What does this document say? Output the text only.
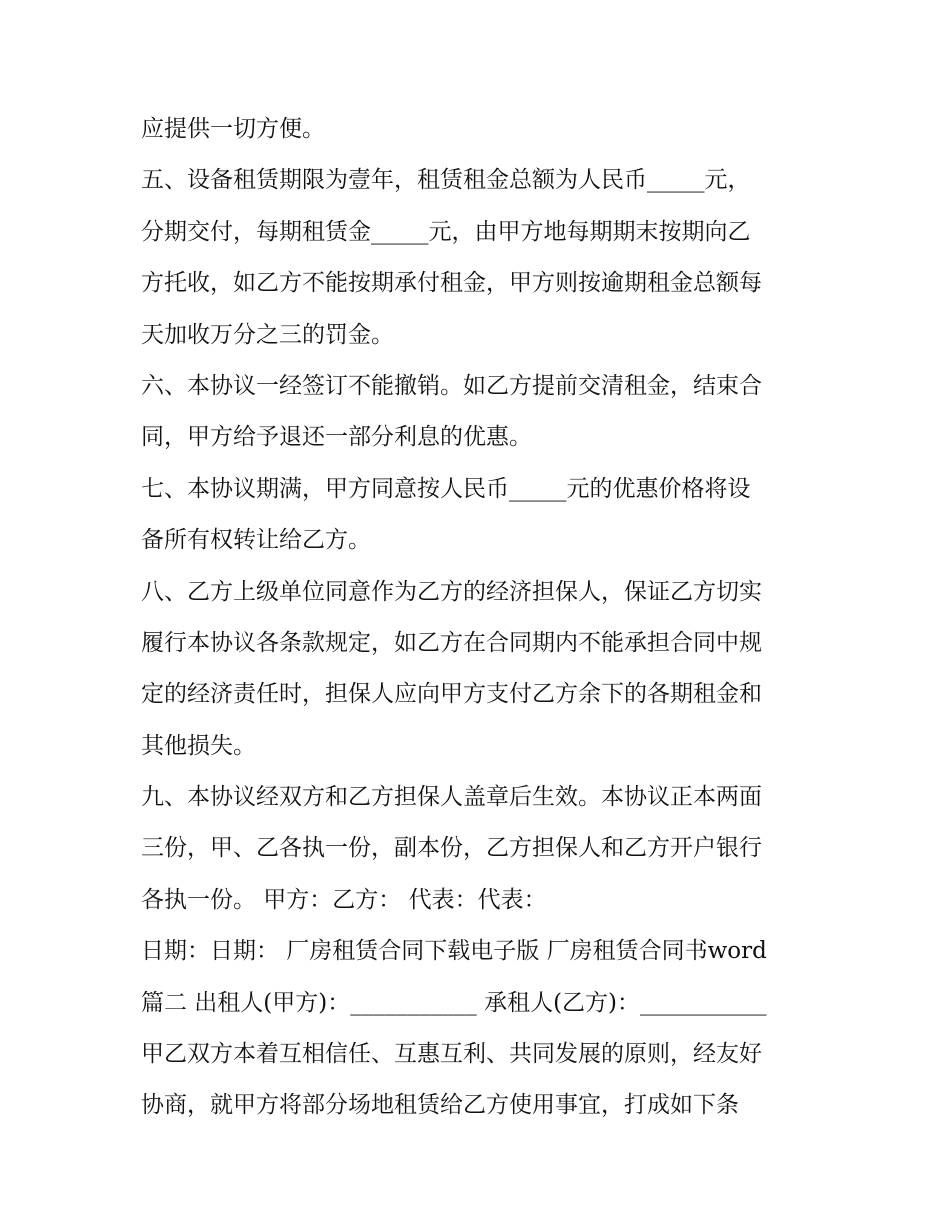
应提供一切方便。
五、设备租赁期限为壹年，租赁租金总额为人民币_____元，
分期交付，每期租赁金_____元，由甲方地每期期末按期向乙
方托收，如乙方不能按期承付租金，甲方则按逾期租金总额每
天加收万分之三的罚金。
六、本协议一经签订不能撤销。如乙方提前交清租金，结束合
同，甲方给予退还一部分利息的优惠。
七、本协议期满，甲方同意按人民币_____元的优惠价格将设
备所有权转让给乙方。
八、乙方上级单位同意作为乙方的经济担保人，保证乙方切实
履行本协议各条款规定，如乙方在合同期内不能承担合同中规
定的经济责任时，担保人应向甲方支付乙方余下的各期租金和
其他损失。
九、本协议经双方和乙方担保人盖章后生效。本协议正本两面
三份，甲、乙各执一份，副本份，乙方担保人和乙方开户银行
各执一份。 甲方：乙方： 代表：代表：
日期：日期： 厂房租赁合同下载电子版 厂房租赁合同书word
篇二 出租人(甲方)：___________ 承租人(乙方)：___________
甲乙双方本着互相信任、互惠互利、共同发展的原则，经友好
协商，就甲方将部分场地租赁给乙方使用事宜，打成如下条
